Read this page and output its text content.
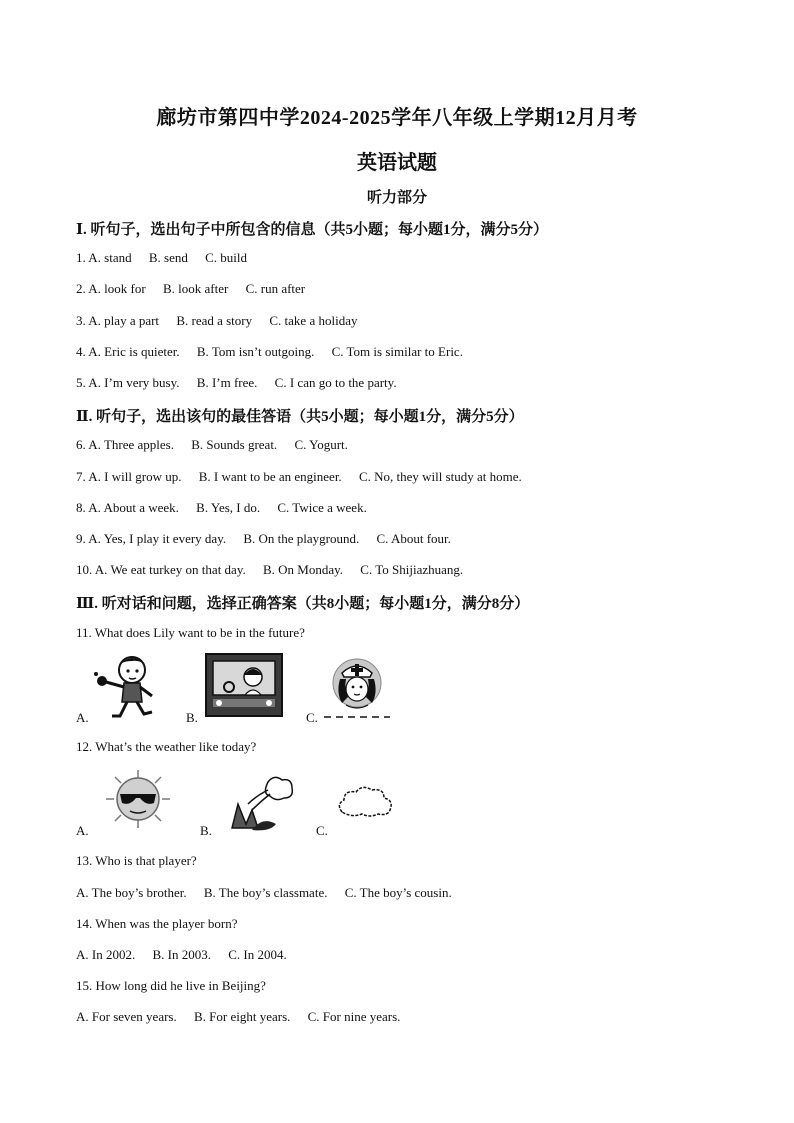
廊坊市第四中学2024-2025学年八年级上学期12月月考
英语试题
听力部分
Ⅰ. 听句子，选出句子中所包含的信息（共5小题；每小题1分，满分5分）
1. A. stand B. send C. build
2. A. look for B. look after C. run after
3. A. play a part B. read a story C. take a holiday
4. A. Eric is quieter. B. Tom isn’t outgoing. C. Tom is similar to Eric.
5. A. I’m very busy. B. I’m free. C. I can go to the party.
Ⅱ. 听句子，选出该句的最佳答语（共5小题；每小题1分，满分5分）
6. A. Three apples. B. Sounds great. C. Yogurt.
7. A. I will grow up. B. I want to be an engineer. C. No, they will study at home.
8. A. About a week. B. Yes, I do. C. Twice a week.
9. A. Yes, I play it every day. B. On the playground. C. About four.
10. A. We eat turkey on that day. B. On Monday. C. To Shijiazhuang.
Ⅲ. 听对话和问题，选择正确答案（共8小题；每小题1分，满分8分）
11. What does Lily want to be in the future?
A.	B.	C.
12. What’s the weather like today?
A.	B.	C.
13. Who is that player?
A. The boy’s brother. B. The boy’s classmate. C. The boy’s cousin.
14. When was the player born?
A. In 2002. B. In 2003. C. In 2004.
15. How long did he live in Beijing?
A. For seven years. B. For eight years. C. For nine years.
